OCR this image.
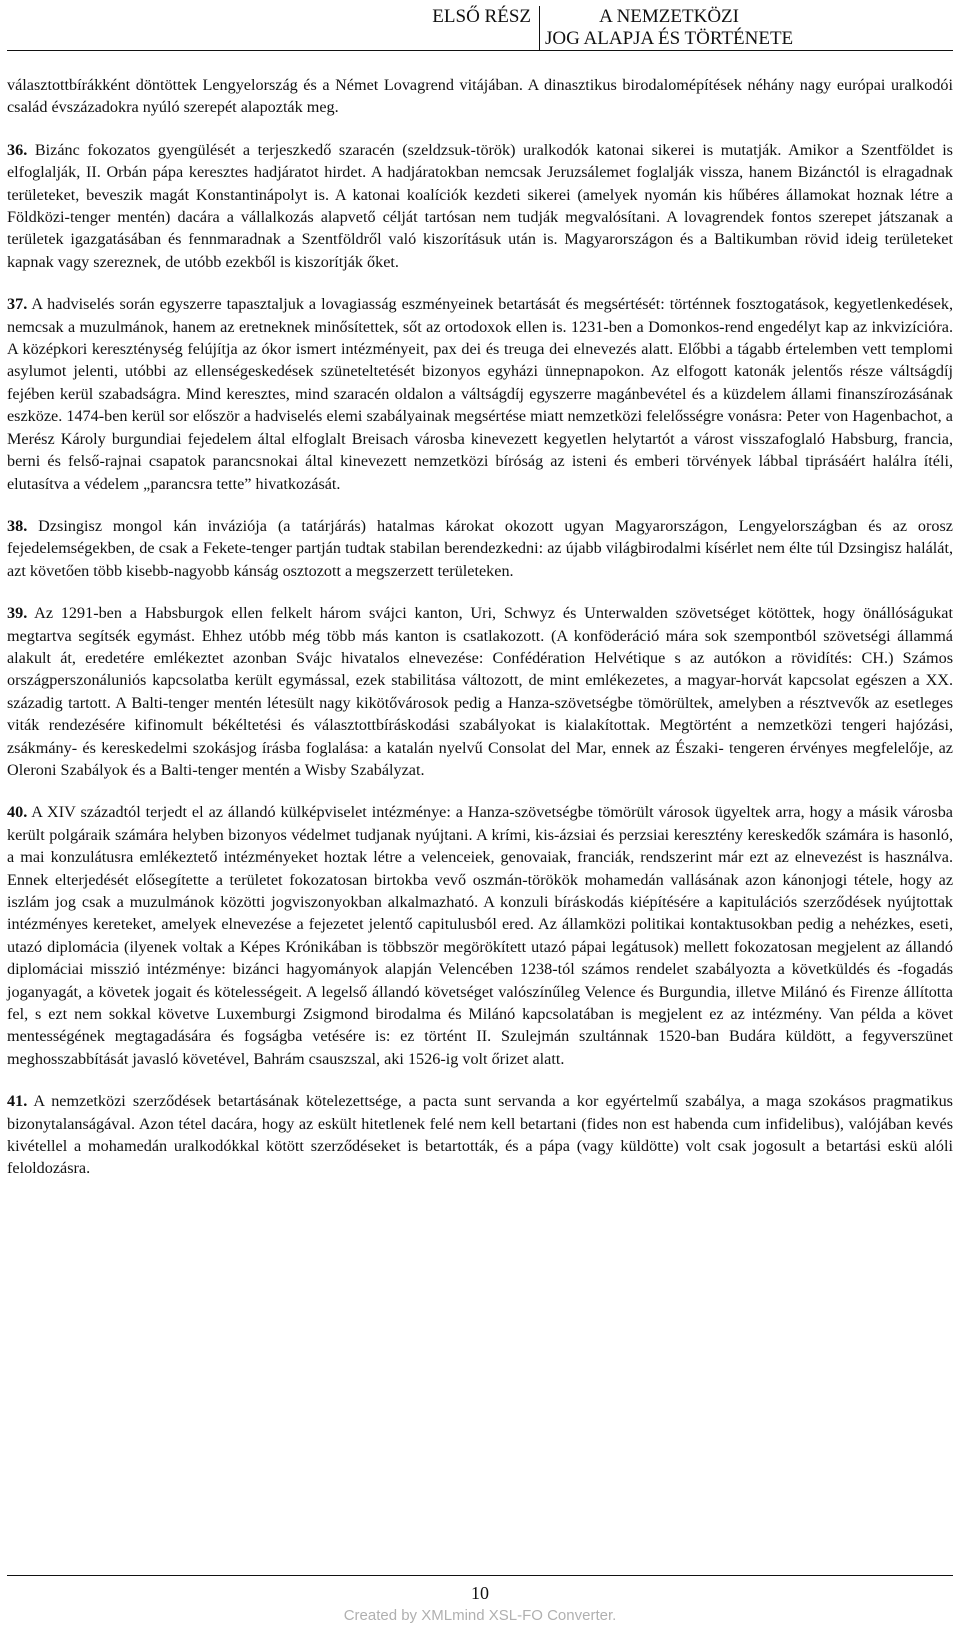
ELSŐ RÉSZ	A NEMZETKÖZI
JOG ALAPJA ÉS TÖRTÉNETE

választottbírákként döntöttek Lengyelország és a Német Lovagrend vitájában. A dinasztikus birodalomépítések néhány nagy európai uralkodói család évszázadokra nyúló szerepét alapozták meg.

36. Bizánc fokozatos gyengülését a terjeszkedő szaracén (szeldzsuk-török) uralkodók katonai sikerei is mutatják. Amikor a Szentföldet is elfoglalják, II. Orbán pápa keresztes hadjáratot hirdet. A hadjáratokban nemcsak Jeruzsálemet foglalják vissza, hanem Bizánctól is elragadnak területeket, beveszik magát Konstantinápolyt is. A katonai koalíciók kezdeti sikerei (amelyek nyomán kis hűbéres államokat hoznak létre a Földközi-tenger mentén) dacára a vállalkozás alapvető célját tartósan nem tudják megvalósítani. A lovagrendek fontos szerepet játszanak a területek igazgatásában és fennmaradnak a Szentföldről való kiszorításuk után is. Magyarországon és a Baltikumban rövid ideig területeket kapnak vagy szereznek, de utóbb ezekből is kiszorítják őket.

37. A hadviselés során egyszerre tapasztaljuk a lovagiasság eszményeinek betartását és megsértését: történnek fosztogatások, kegyetlenkedések, nemcsak a muzulmánok, hanem az eretneknek minősítettek, sőt az ortodoxok ellen is. 1231-ben a Domonkos-rend engedélyt kap az inkvizícióra. A középkori kereszténység felújítja az ókor ismert intézményeit, pax dei és treuga dei elnevezés alatt. Előbbi a tágabb értelemben vett templomi asylumot jelenti, utóbbi az ellenségeskedések szüneteltetését bizonyos egyházi ünnepnapokon. Az elfogott katonák jelentős része váltságdíj fejében kerül szabadságra. Mind keresztes, mind szaracén oldalon a váltságdíj egyszerre magánbevétel és a küzdelem állami finanszírozásának eszköze. 1474-ben kerül sor először a hadviselés elemi szabályainak megsértése miatt nemzetközi felelősségre vonásra: Peter von Hagenbachot, a Merész Károly burgundiai fejedelem által elfoglalt Breisach városba kinevezett kegyetlen helytartót a várost visszafoglaló Habsburg, francia, berni és felső-rajnai csapatok parancsnokai által kinevezett nemzetközi bíróság az isteni és emberi törvények lábbal tiprásáért halálra ítéli, elutasítva a védelem „parancsra tette” hivatkozását.

38. Dzsingisz mongol kán inváziója (a tatárjárás) hatalmas károkat okozott ugyan Magyarországon, Lengyelországban és az orosz fejedelemségekben, de csak a Fekete-tenger partján tudtak stabilan berendezkedni: az újabb világbirodalmi kísérlet nem élte túl Dzsingisz halálát, azt követően több kisebb-nagyobb kánság osztozott a megszerzett területeken.

39. Az 1291-ben a Habsburgok ellen felkelt három svájci kanton, Uri, Schwyz és Unterwalden szövetséget kötöttek, hogy önállóságukat megtartva segítsék egymást. Ehhez utóbb még több más kanton is csatlakozott. (A konföderáció mára sok szempontból szövetségi állammá alakult át, eredetére emlékeztet azonban Svájc hivatalos elnevezése: Confédération Helvétique s az autókon a rövidítés: CH.) Számos országperszonáluniós kapcsolatba került egymással, ezek stabilitása változott, de mint emlékezetes, a magyar-horvát kapcsolat egészen a XX. századig tartott. A Balti-tenger mentén létesült nagy kikötővárosok pedig a Hanza-szövetségbe tömörültek, amelyben a résztvevők az esetleges viták rendezésére kifinomult békéltetési és választottbíráskodási szabályokat is kialakítottak. Megtörtént a nemzetközi tengeri hajózási, zsákmány- és kereskedelmi szokásjog írásba foglalása: a katalán nyelvű Consolat del Mar, ennek az Északi- tengeren érvényes megfelelője, az Oleroni Szabályok és a Balti-tenger mentén a Wisby Szabályzat.

40. A XIV századtól terjedt el az állandó külképviselet intézménye: a Hanza-szövetségbe tömörült városok ügyeltek arra, hogy a másik városba került polgáraik számára helyben bizonyos védelmet tudjanak nyújtani. A krími, kis-ázsiai és perzsiai keresztény kereskedők számára is hasonló, a mai konzulátusra emlékeztető intézményeket hoztak létre a velenceiek, genovaiak, franciák, rendszerint már ezt az elnevezést is használva. Ennek elterjedését elősegítette a területet fokozatosan birtokba vevő oszmán-törökök mohamedán vallásának azon kánonjogi tétele, hogy az iszlám jog csak a muzulmánok közötti jogviszonyokban alkalmazható. A konzuli bíráskodás kiépítésére a kapitulációs szerződések nyújtottak intézményes kereteket, amelyek elnevezése a fejezetet jelentő capitulusból ered. Az államközi politikai kontaktusokban pedig a nehézkes, eseti, utazó diplomácia (ilyenek voltak a Képes Krónikában is többször megörökített utazó pápai legátusok) mellett fokozatosan megjelent az állandó diplomáciai misszió intézménye: bizánci hagyományok alapján Velencében 1238-tól számos rendelet szabályozta a követküldés és -fogadás joganyagát, a követek jogait és kötelességeit. A legelső állandó követséget valószínűleg Velence és Burgundia, illetve Milánó és Firenze állította fel, s ezt nem sokkal követve Luxemburgi Zsigmond birodalma és Milánó kapcsolatában is megjelent ez az intézmény. Van példa a követ mentességének megtagadására és fogságba vetésére is: ez történt II. Szulejmán szultánnak 1520-ban Budára küldött, a fegyverszünet meghosszabbítását javasló követével, Bahrám csauszszal, aki 1526-ig volt őrizet alatt.

41. A nemzetközi szerződések betartásának kötelezettsége, a pacta sunt servanda a kor egyértelmű szabálya, a maga szokásos pragmatikus bizonytalanságával. Azon tétel dacára, hogy az eskült hitetlenek felé nem kell betartani (fides non est habenda cum infidelibus), valójában kevés kivétellel a mohamedán uralkodókkal kötött szerződéseket is betartották, és a pápa (vagy küldötte) volt csak jogosult a betartási eskü alóli feloldozásra.

10
Created by XMLmind XSL-FO Converter.
